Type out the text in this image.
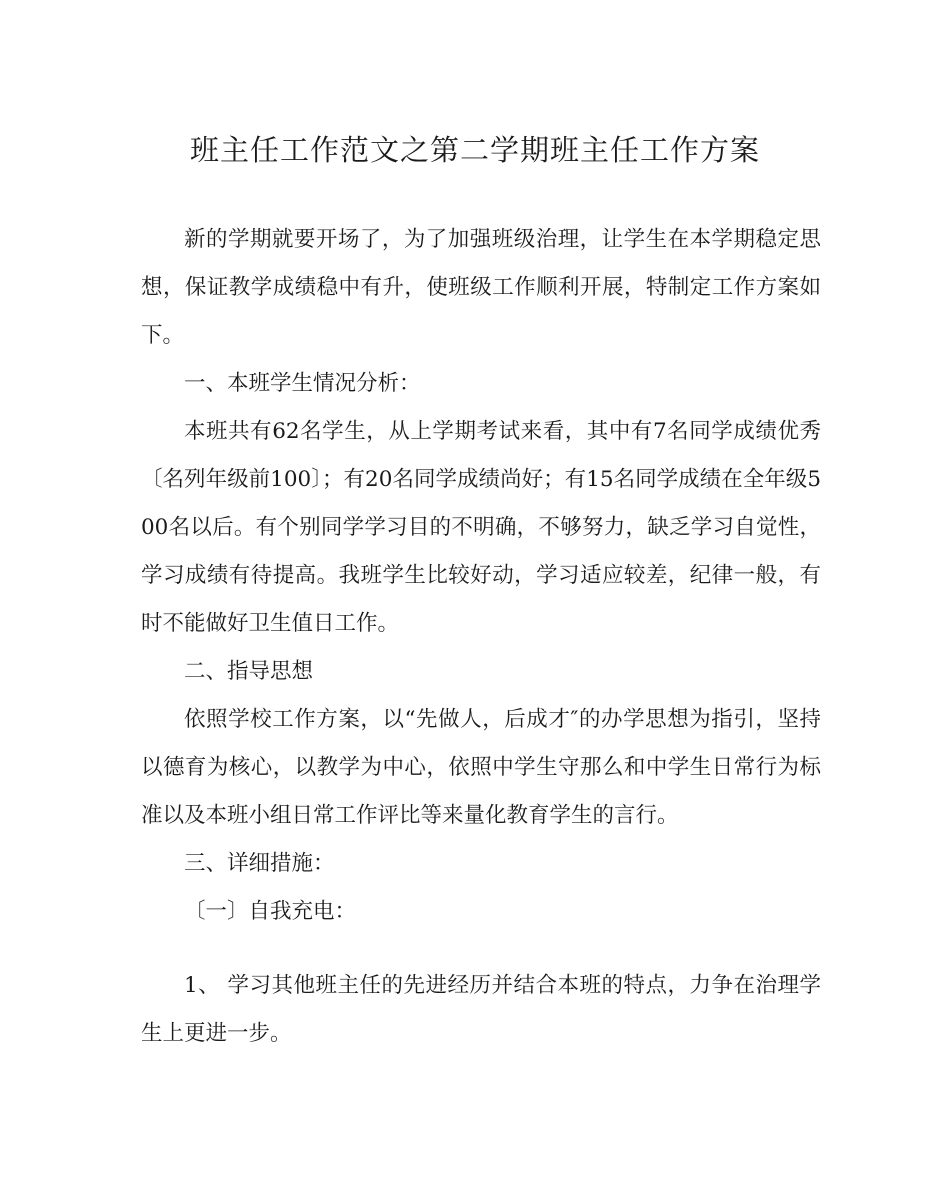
班主任工作范文之第二学期班主任工作方案

新的学期就要开场了，为了加强班级治理，让学生在本学期稳定思想，保证教学成绩稳中有升，使班级工作顺利开展，特制定工作方案如下。

一、本班学生情况分析：

本班共有62名学生，从上学期考试来看，其中有7名同学成绩优秀〔名列年级前100〕；有20名同学成绩尚好；有15名同学成绩在全年级500名以后。有个别同学学习目的不明确，不够努力，缺乏学习自觉性，学习成绩有待提高。我班学生比较好动，学习适应较差，纪律一般，有时不能做好卫生值日工作。

二、指导思想

依照学校工作方案，以“先做人，后成才″的办学思想为指引，坚持以德育为核心，以教学为中心，依照中学生守那么和中学生日常行为标准以及本班小组日常工作评比等来量化教育学生的言行。

三、详细措施：

〔一〕自我充电：

1、 学习其他班主任的先进经历并结合本班的特点，力争在治理学生上更进一步。
